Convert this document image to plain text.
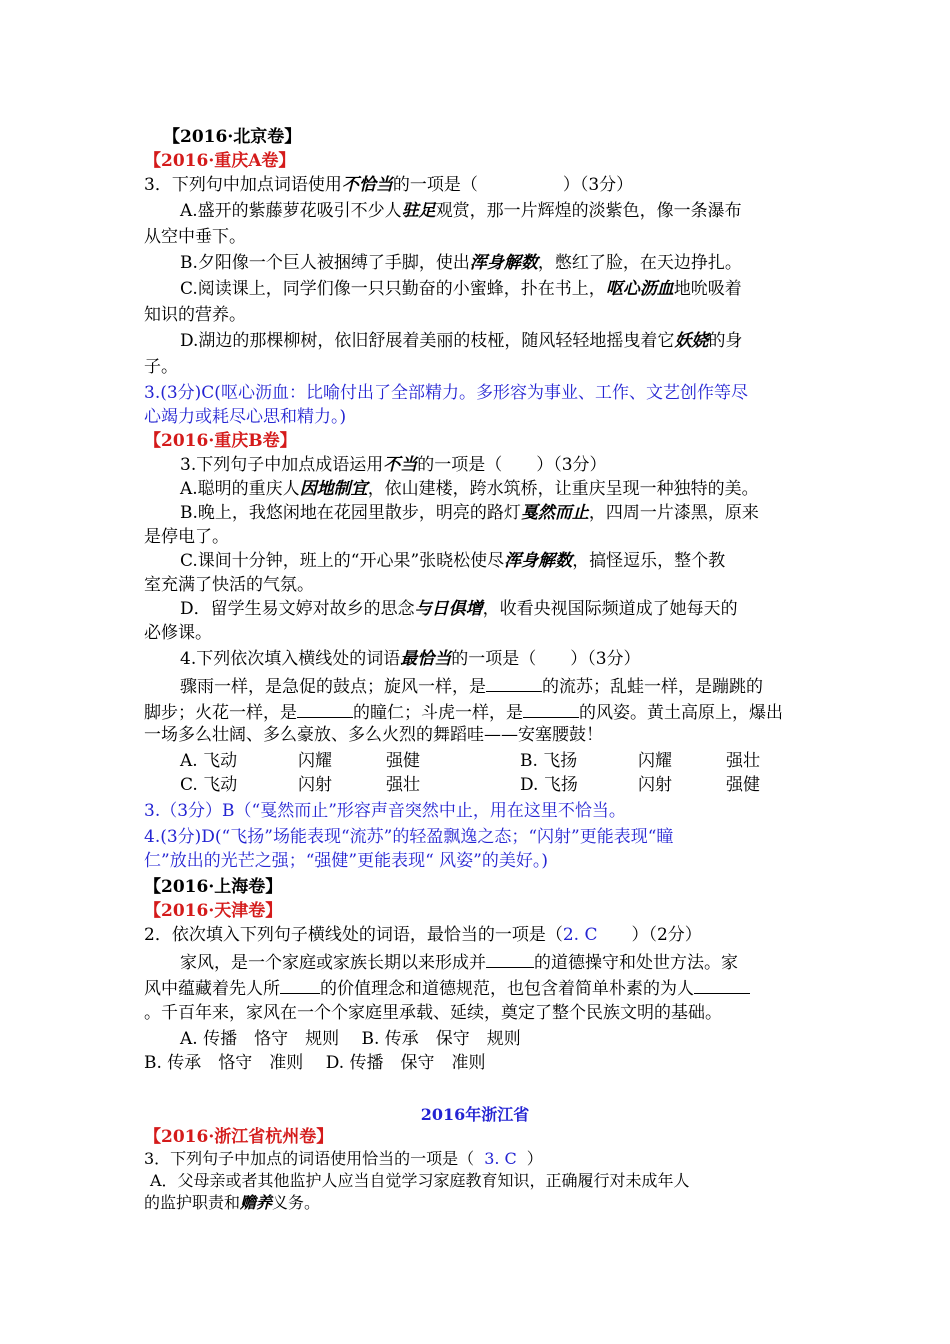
【2016·北京卷】
【2016·重庆A卷】
3．下列句中加点词语使用不恰当的一项是（　　　　　）（3分）
A.盛开的紫藤萝花吸引不少人驻足观赏，那一片辉煌的淡紫色，像一条瀑布
从空中垂下。
B.夕阳像一个巨人被捆缚了手脚，使出浑身解数，憋红了脸，在天边挣扎。
C.阅读课上，同学们像一只只勤奋的小蜜蜂，扑在书上，呕心沥血地吮吸着
知识的营养。
D.湖边的那棵柳树，依旧舒展着美丽的枝桠，随风轻轻地摇曳着它妖娆的身
子。
3.(3分)C(呕心沥血：比喻付出了全部精力。多形容为事业、工作、文艺创作等尽
心竭力或耗尽心思和精力。)
【2016·重庆B卷】
3.下列句子中加点成语运用不当的一项是（　　）（3分）
A.聪明的重庆人因地制宜，依山建楼，跨水筑桥，让重庆呈现一种独特的美。
B.晚上，我悠闲地在花园里散步，明亮的路灯戛然而止，四周一片漆黑，原来
是停电了。
C.课间十分钟，班上的“开心果”张晓松使尽浑身解数，搞怪逗乐，整个教
室充满了快活的气氛。
D．留学生易文婷对故乡的思念与日俱增，收看央视国际频道成了她每天的
必修课。
4.下列依次填入横线处的词语最恰当的一项是（　　）（3分）
骤雨一样，是急促的鼓点；旋风一样，是	的流苏；乱蛙一样，是蹦跳的
脚步；火花一样，是	的瞳仁；斗虎一样，是	的风姿。黄土高原上，爆出
一场多么壮阔、多么豪放、多么火烈的舞蹈哇——安塞腰鼓！
A. 飞动	闪耀	强健	B. 飞扬	闪耀	强壮
C. 飞动	闪射	强壮	D. 飞扬	闪射	强健
3.（3分）B（“戛然而止”形容声音突然中止，用在这里不恰当。
4.(3分)D(“飞扬”场能表现“流苏”的轻盈飘逸之态；“闪射”更能表现“瞳
仁”放出的光芒之强；“强健”更能表现“ 风姿”的美好。)
【2016·上海卷】
【2016·天津卷】
2．依次填入下列句子横线处的词语，最恰当的一项是（2. C　　）（2分）
家风，是一个家庭或家族长期以来形成并	的道德操守和处世方法。家
风中蕴藏着先人所 的价值理念和道德规范，也包含着简单朴素的为人
。千百年来，家风在一个个家庭里承载、延续，奠定了整个民族文明的基础。
A. 传播　恪守　规则　 B. 传承　保守　规则
B. 传承　恪守　准则　 D. 传播　保守　准则
2016年浙江省
【2016·浙江省杭州卷】
3．下列句子中加点的词语使用恰当的一项是（ 3. C ）
A．父母亲或者其他监护人应当自觉学习家庭教育知识，正确履行对未成年人
的监护职责和赡养义务。
